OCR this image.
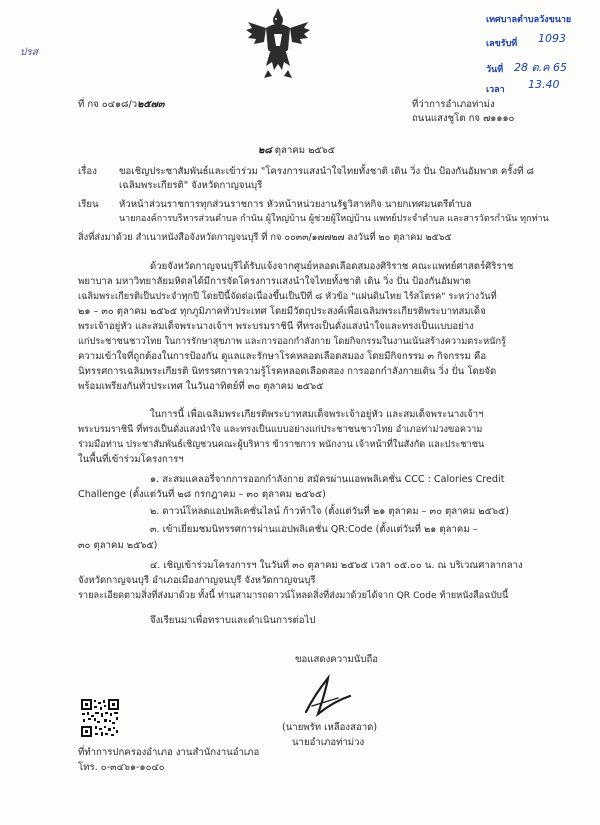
ปรส
เทศบาลตำบลวังขนาย
เลขรับที่ 1093
วันที่ 28 ต.ค 65
เวลา 13.40
ที่ กจ ๐๔๑๘/ว๒๕๗๓	ที่ว่าการอำเภอท่าม่ง
ถนนแสงชูโต กจ ๗๑๑๑๐
๒๘ ตุลาคม ๒๕๖๕
เรื่อง ขอเชิญประชาสัมพันธ์และเข้าร่วม "โครงการแสงนำใจไทยทั้งชาติ เดิน วิ่ง ปั่น ป้องกันอัมพาต ครั้งที่ ๘
เฉลิมพระเกียรติ" จังหวัดกาญจนบุรี
เรียน หัวหน้าส่วนราชการทุกส่วนราชการ หัวหน้าหน่วยงานรัฐวิสาหกิจ นายกเทศมนตรีตำบล
นายกองค์การบริหารส่วนตำบล กำนัน ผู้ใหญ่บ้าน ผู้ช่วยผู้ใหญ่บ้าน แพทย์ประจำตำบล และสารวัตรกำนัน ทุกท่าน
สิ่งที่ส่งมาด้วย สำเนาหนังสือจังหวัดกาญจนบุรี ที่ กจ ๐๐๓๓/๑๗๗๒๗ ลงวันที่ ๒๐ ตุลาคม ๒๕๖๕
ด้วยจังหวัดกาญจนบุรีได้รับแจ้งจากศูนย์หลอดเลือดสมองศิริราช คณะแพทย์ศาสตร์ศิริราช
พยาบาล มหาวิทยาลัยมหิดลได้มีการจัดโครงการแสงนำใจไทยทั้งชาติ เดิน วิ่ง ปั่น ป้องกันอัมพาต
เฉลิมพระเกียรติเป็นประจำทุกปี โดยปีนี้จัดต่อเนื่องขึ้นเป็นปีที่ ๘ หัวข้อ "แผ่นดินไทย ไร้สโตรค" ระหว่างวันที่
๒๑ – ๓๐ ตุลาคม ๒๕๖๕ ทุกภูมิภาคทั่วประเทศ โดยมีวัตถุประสงค์เพื่อเฉลิมพระเกียรติพระบาทสมเด็จ
พระเจ้าอยู่หัว และสมเด็จพระนางเจ้าฯ พระบรมราชินี ที่ทรงเป็นดั่งแสงนำใจและทรงเป็นแบบอย่าง
แก่ประชาชนชาวไทย ในการรักษาสุขภาพ และการออกกำลังกาย โดยกิจกรรมในงานเน้นสร้างความตระหนักรู้
ความเข้าใจที่ถูกต้องในการป้องกัน ดูแลและรักษาโรคหลอดเลือดสมอง โดยมีกิจกรรม ๓ กิจกรรม คือ
นิทรรศการเฉลิมพระเกียรติ นิทรรศการความรู้โรคหลอดเลือดสอง การออกกำลังกายเดิน วิ่ง ปั่น โดยจัด
พร้อมเพรียงกันทั่วประเทศ ในวันอาทิตย์ที่ ๓๐ ตุลาคม ๒๕๖๕
ในการนี้ เพื่อเฉลิมพระเกียรติพระบาทสมเด็จพระเจ้าอยู่หัว และสมเด็จพระนางเจ้าฯ
พระบรมราชินี ที่ทรงเป็นดั่งแสงนำใจ และทรงเป็นแบบอย่างแก่ประชาชนชาวไทย อำเภอท่าม่วงขอความ
ร่วมมือท่าน ประชาสัมพันธ์เชิญชวนคณะผู้บริหาร ข้าราชการ พนักงาน เจ้าหน้าที่ในสังกัด และประชาชน
ในพื้นที่เข้าร่วมโครงการฯ
๑. สะสมแคลอรี่จากการออกกำลังกาย สมัครผ่านแอพพลิเคชั่น CCC : Calories Credit
Challenge (ตั้งแต่วันที่ ๒๘ กรกฎาคม – ๓๐ ตุลาคม ๒๕๖๕)
๒. ดาวน์โหลดแอปพลิเคชั่นไลน์ ก้าวท้าใจ (ตั้งแต่วันที่ ๒๑ ตุลาคม – ๓๐ ตุลาคม ๒๕๖๕)
๓. เข้าเยี่ยมชมนิทรรศการผ่านแอปพลิเคชั่น QR:Code (ตั้งแต่วันที่ ๒๑ ตุลาคม –
๓๐ ตุลาคม ๒๕๖๕)
๔. เชิญเข้าร่วมโครงการฯ ในวันที่ ๓๐ ตุลาคม ๒๕๖๕ เวลา ๐๕.๐๐ น. ณ บริเวณศาลากลาง
จังหวัดกาญจนบุรี อำเภอเมืองกาญจนบุรี จังหวัดกาญจนบุรี
รายละเอียดตามสิ่งที่ส่งมาด้วย ทั้งนี้ ท่านสามารถดาวน์โหลดสิ่งที่ส่งมาด้วยได้จาก QR Code ท้ายหนังสือฉบับนี้
จึงเรียนมาเพื่อทราบและดำเนินการต่อไป
ขอแสดงความนับถือ
(นายพรัท เหลืองสอาด)
นายอำเภอท่าม่วง
ที่ทำการปกครองอำเภอ งานสำนักงานอำเภอ
โทร. ๐-๓๔๖๑-๑๐๔๐
